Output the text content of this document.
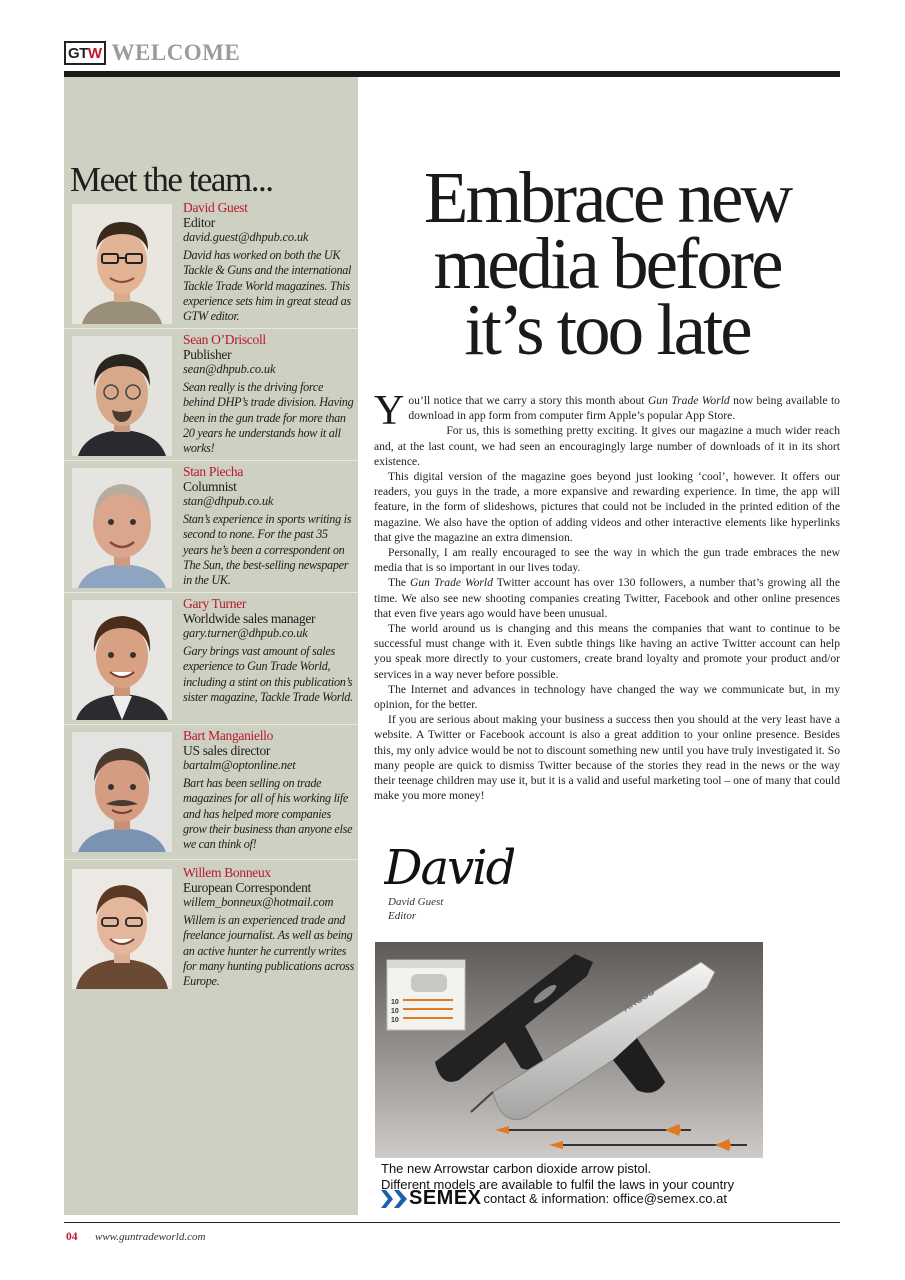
GT W WELCOME
Meet the team...
David Guest
Editor
david.guest@dhpub.co.uk
David has worked on both the UK Tackle & Guns and the international Tackle Trade World magazines. This experience sets him in great stead as GTW editor.
Sean O’Driscoll
Publisher
sean@dhpub.co.uk
Sean really is the driving force behind DHP’s trade division. Having been in the gun trade for more than 20 years he understands how it all works!
Stan Piecha
Columnist
stan@dhpub.co.uk
Stan’s experience in sports writing is second to none. For the past 35 years he’s been a correspondent on The Sun, the best-selling newspaper in the UK.
Gary Turner
Worldwide sales manager
gary.turner@dhpub.co.uk
Gary brings vast amount of sales experience to Gun Trade World, including a stint on this publication’s sister magazine, Tackle Trade World.
Bart Manganiello
US sales director
bartalm@optonline.net
Bart has been selling on trade magazines for all of his working life and has helped more companies grow their business than anyone else we can think of!
Willem Bonneux
European Correspondent
willem_bonneux@hotmail.com
Willem is an experienced trade and freelance journalist. As well as being an active hunter he currently writes for many hunting publications across Europe.
Embrace new
media before
it’s too late

You’ll notice that we carry a story this month about Gun Trade World now being available to download in app form from computer firm Apple’s popular App Store.

For us, this is something pretty exciting. It gives our magazine a much wider reach and, at the last count, we had seen an encouragingly large number of downloads of it in its short existence.

This digital version of the magazine goes beyond just looking ‘cool’, however. It offers our readers, you guys in the trade, a more expansive and rewarding experience. In time, the app will feature, in the form of slideshows, pictures that could not be included in the printed edition of the magazine. We also have the option of adding videos and other interactive elements like hyperlinks that give the magazine an extra dimension.

Personally, I am really encouraged to see the way in which the gun trade embraces the new media that is so important in our lives today.

The Gun Trade World Twitter account has over 130 followers, a number that’s growing all the time. We also see new shooting companies creating Twitter, Facebook and other online presences that even five years ago would have been unusual.

The world around us is changing and this means the companies that want to continue to be successful must change with it. Even subtle things like having an active Twitter account can help you speak more directly to your customers, create brand loyalty and promote your product and/or services in a way never before possible.

The Internet and advances in technology have changed the way we communicate but, in my opinion, for the better.

If you are serious about making your business a success then you should at the very least have a website. A Twitter or Facebook account is also a great addition to your online presence. Besides this, my only advice would be not to discount something new until you have truly investigated it. So many people are quick to dismiss Twitter because of the stories they read in the news or the way their teenage children may use it, but it is a valid and useful marketing tool – one of many that could make you more money!

David
David Guest
Editor
10
10
10
ARCUS
The new Arrowstar carbon dioxide arrow pistol.
Different models are available to fulfil the laws in your country
SEMEX contact & information: office@semex.co.at
04 www.guntradeworld.com
